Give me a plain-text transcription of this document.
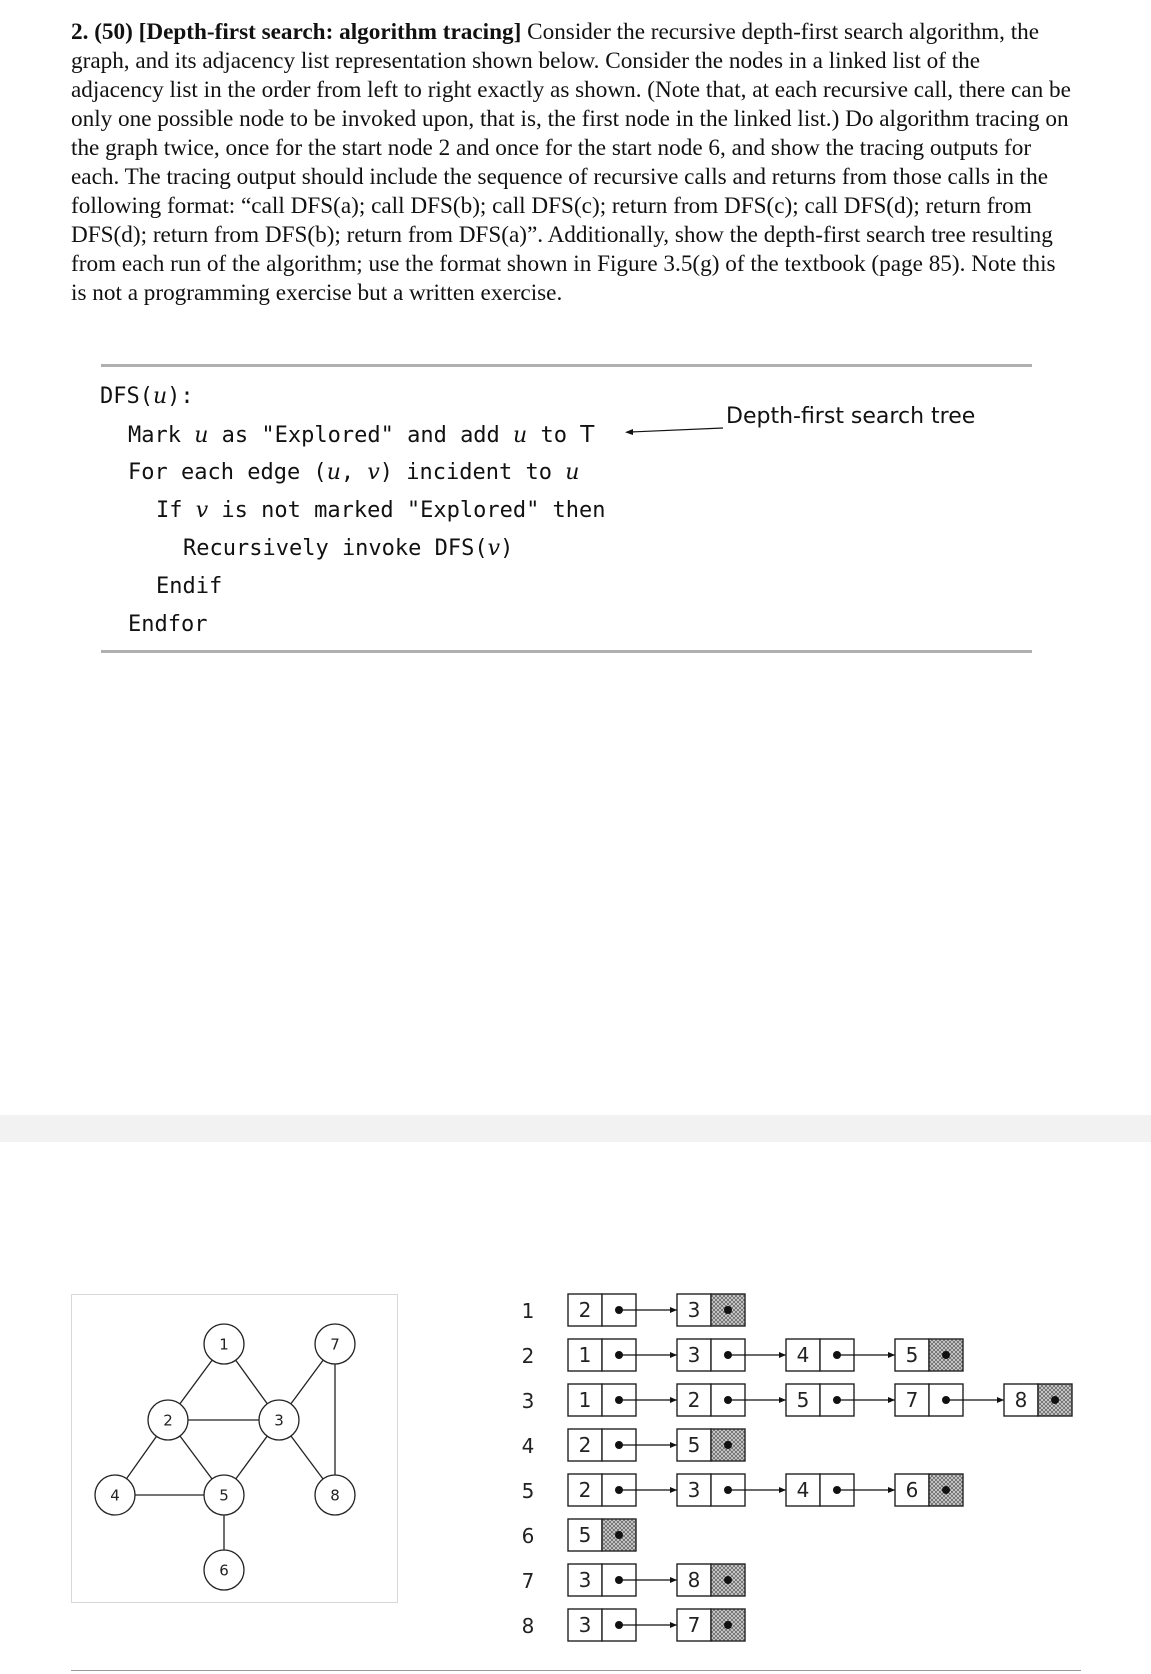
2. (50) [Depth-first search: algorithm tracing] Consider the recursive depth-first search algorithm, the graph, and its adjacency list representation shown below. Consider the nodes in a linked list of the adjacency list in the order from left to right exactly as shown. (Note that, at each recursive call, there can be only one possible node to be invoked upon, that is, the first node in the linked list.) Do algorithm tracing on the graph twice, once for the start node 2 and once for the start node 6, and show the tracing outputs for each. The tracing output should include the sequence of recursive calls and returns from those calls in the following format: “call DFS(a); call DFS(b); call DFS(c); return from DFS(c); call DFS(d); return from DFS(d); return from DFS(b); return from DFS(a)”. Additionally, show the depth-first search tree resulting from each run of the algorithm; use the format shown in Figure 3.5(g) of the textbook (page 85). Note this is not a programming exercise but a written exercise.

DFS(u):
Mark u as "Explored" and add u to T
For each edge (u, v) incident to u
If v is not marked "Explored" then
Recursively invoke DFS(v)
Endif
Endfor
Depth-first search tree
1
2	3
4	5
6
7
8
1 2	3
2 1	3	4	5
3 1	2	5	7	8
4 2	5
5 2	3	4	6
6 5
7 3	8
8 3	7
